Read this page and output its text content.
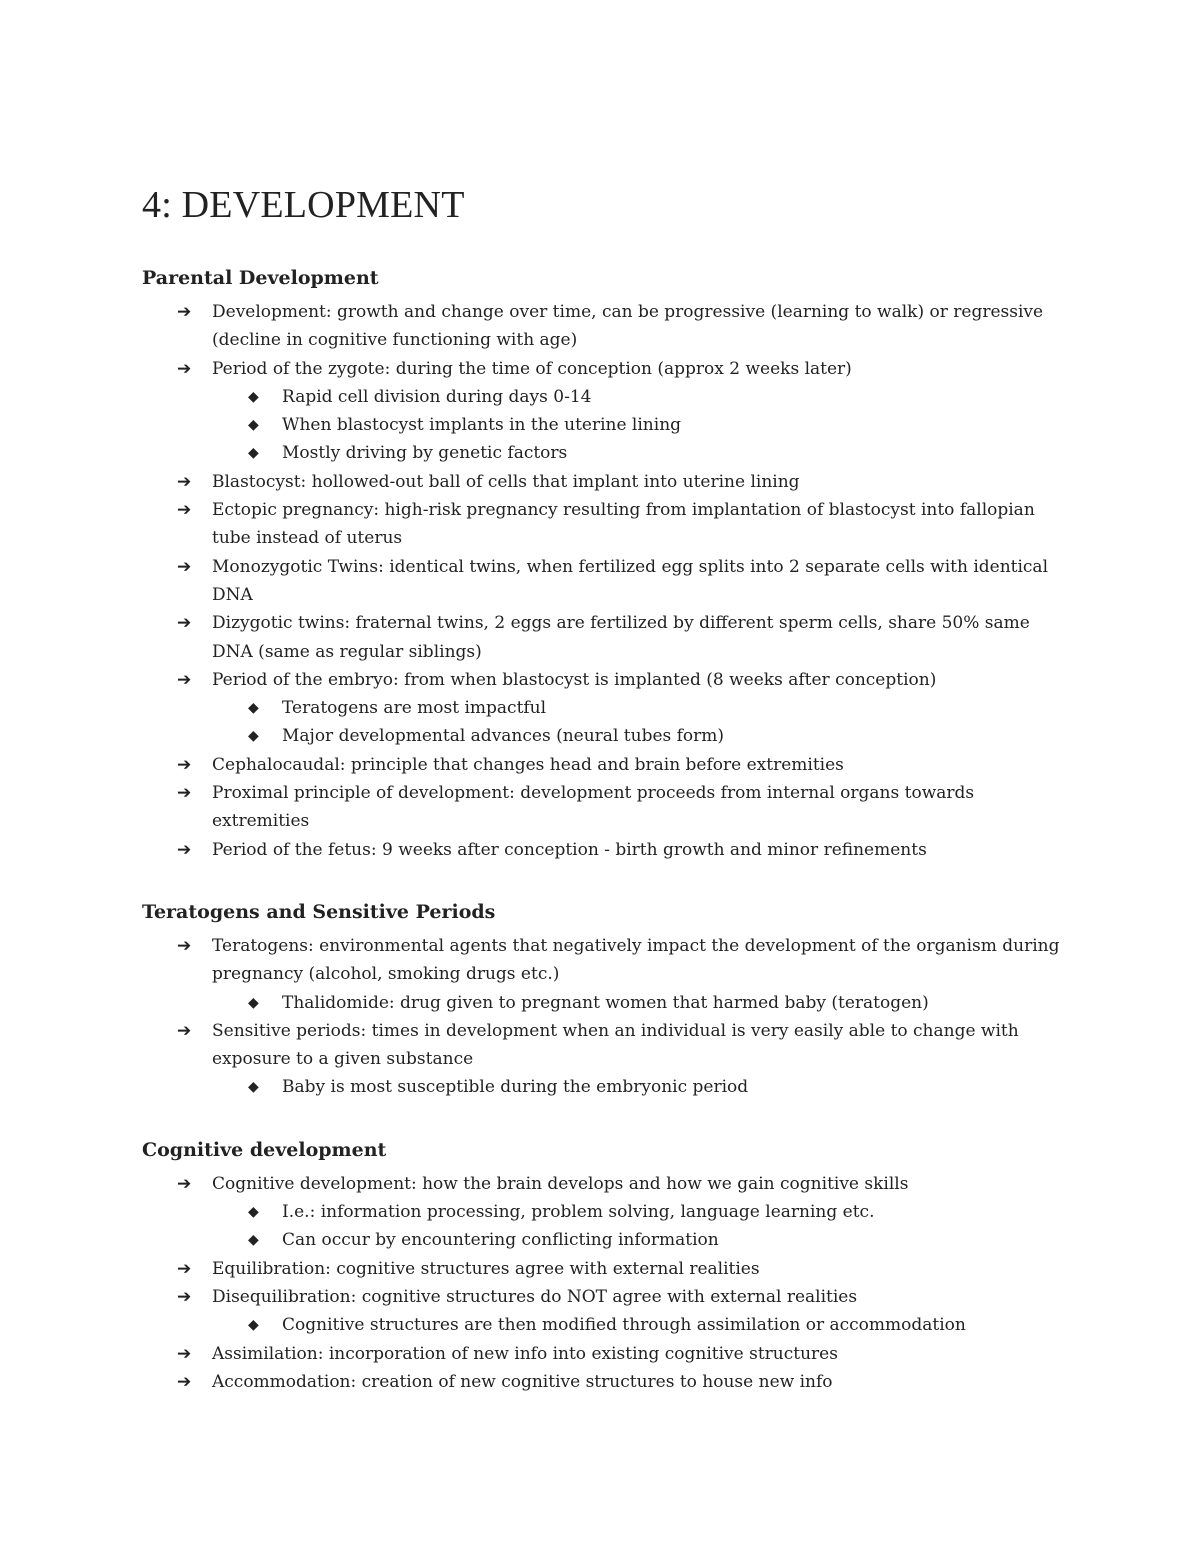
4: DEVELOPMENT
Parental Development
➔	Development: growth and change over time, can be progressive (learning to walk) or regressive (decline in cognitive functioning with age)
➔	Period of the zygote: during the time of conception (approx 2 weeks later)
◆ Rapid cell division during days 0-14
◆ When blastocyst implants in the uterine lining
◆ Mostly driving by genetic factors
➔	Blastocyst: hollowed-out ball of cells that implant into uterine lining
➔	Ectopic pregnancy: high-risk pregnancy resulting from implantation of blastocyst into fallopian tube instead of uterus
➔	Monozygotic Twins: identical twins, when fertilized egg splits into 2 separate cells with identical DNA
➔	Dizygotic twins: fraternal twins, 2 eggs are fertilized by different sperm cells, share 50% same DNA (same as regular siblings)
➔	Period of the embryo: from when blastocyst is implanted (8 weeks after conception)
◆ Teratogens are most impactful
◆ Major developmental advances (neural tubes form)
➔	Cephalocaudal: principle that changes head and brain before extremities
➔	Proximal principle of development: development proceeds from internal organs towards extremities
➔	Period of the fetus: 9 weeks after conception - birth growth and minor refinements
Teratogens and Sensitive Periods
➔	Teratogens: environmental agents that negatively impact the development of the organism during pregnancy (alcohol, smoking drugs etc.)
◆ Thalidomide: drug given to pregnant women that harmed baby (teratogen)
➔	Sensitive periods: times in development when an individual is very easily able to change with exposure to a given substance
◆ Baby is most susceptible during the embryonic period
Cognitive development
➔	Cognitive development: how the brain develops and how we gain cognitive skills
◆ I.e.: information processing, problem solving, language learning etc.
◆ Can occur by encountering conflicting information
➔	Equilibration: cognitive structures agree with external realities
➔	Disequilibration: cognitive structures do NOT agree with external realities
◆ Cognitive structures are then modified through assimilation or accommodation
➔	Assimilation: incorporation of new info into existing cognitive structures
➔	Accommodation: creation of new cognitive structures to house new info
